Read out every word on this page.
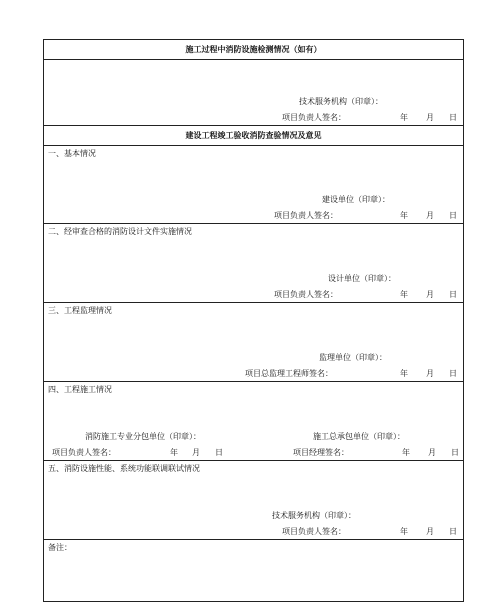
施工过程中消防设施检测情况（如有）
技术服务机构（印章）：
项目负责人签名：	年 月 日
建设工程竣工验收消防查验情况及意见
一、基本情况
建设单位（印章）：
项目负责人签名：	年 月 日
二、经审查合格的消防设计文件实施情况
设计单位（印章）：
项目负责人签名：	年 月 日
三、工程监理情况
监理单位（印章）：
项目总监理工程师签名：	年 月 日
四、工程施工情况
消防施工专业分包单位（印章）：
项目负责人签名：	年 月 日
施工总承包单位（印章）：
项目经理签名：	年 月 日
五、消防设施性能、系统功能联调联试情况
技术服务机构（印章）：
项目负责人签名：	年 月 日
备注：
